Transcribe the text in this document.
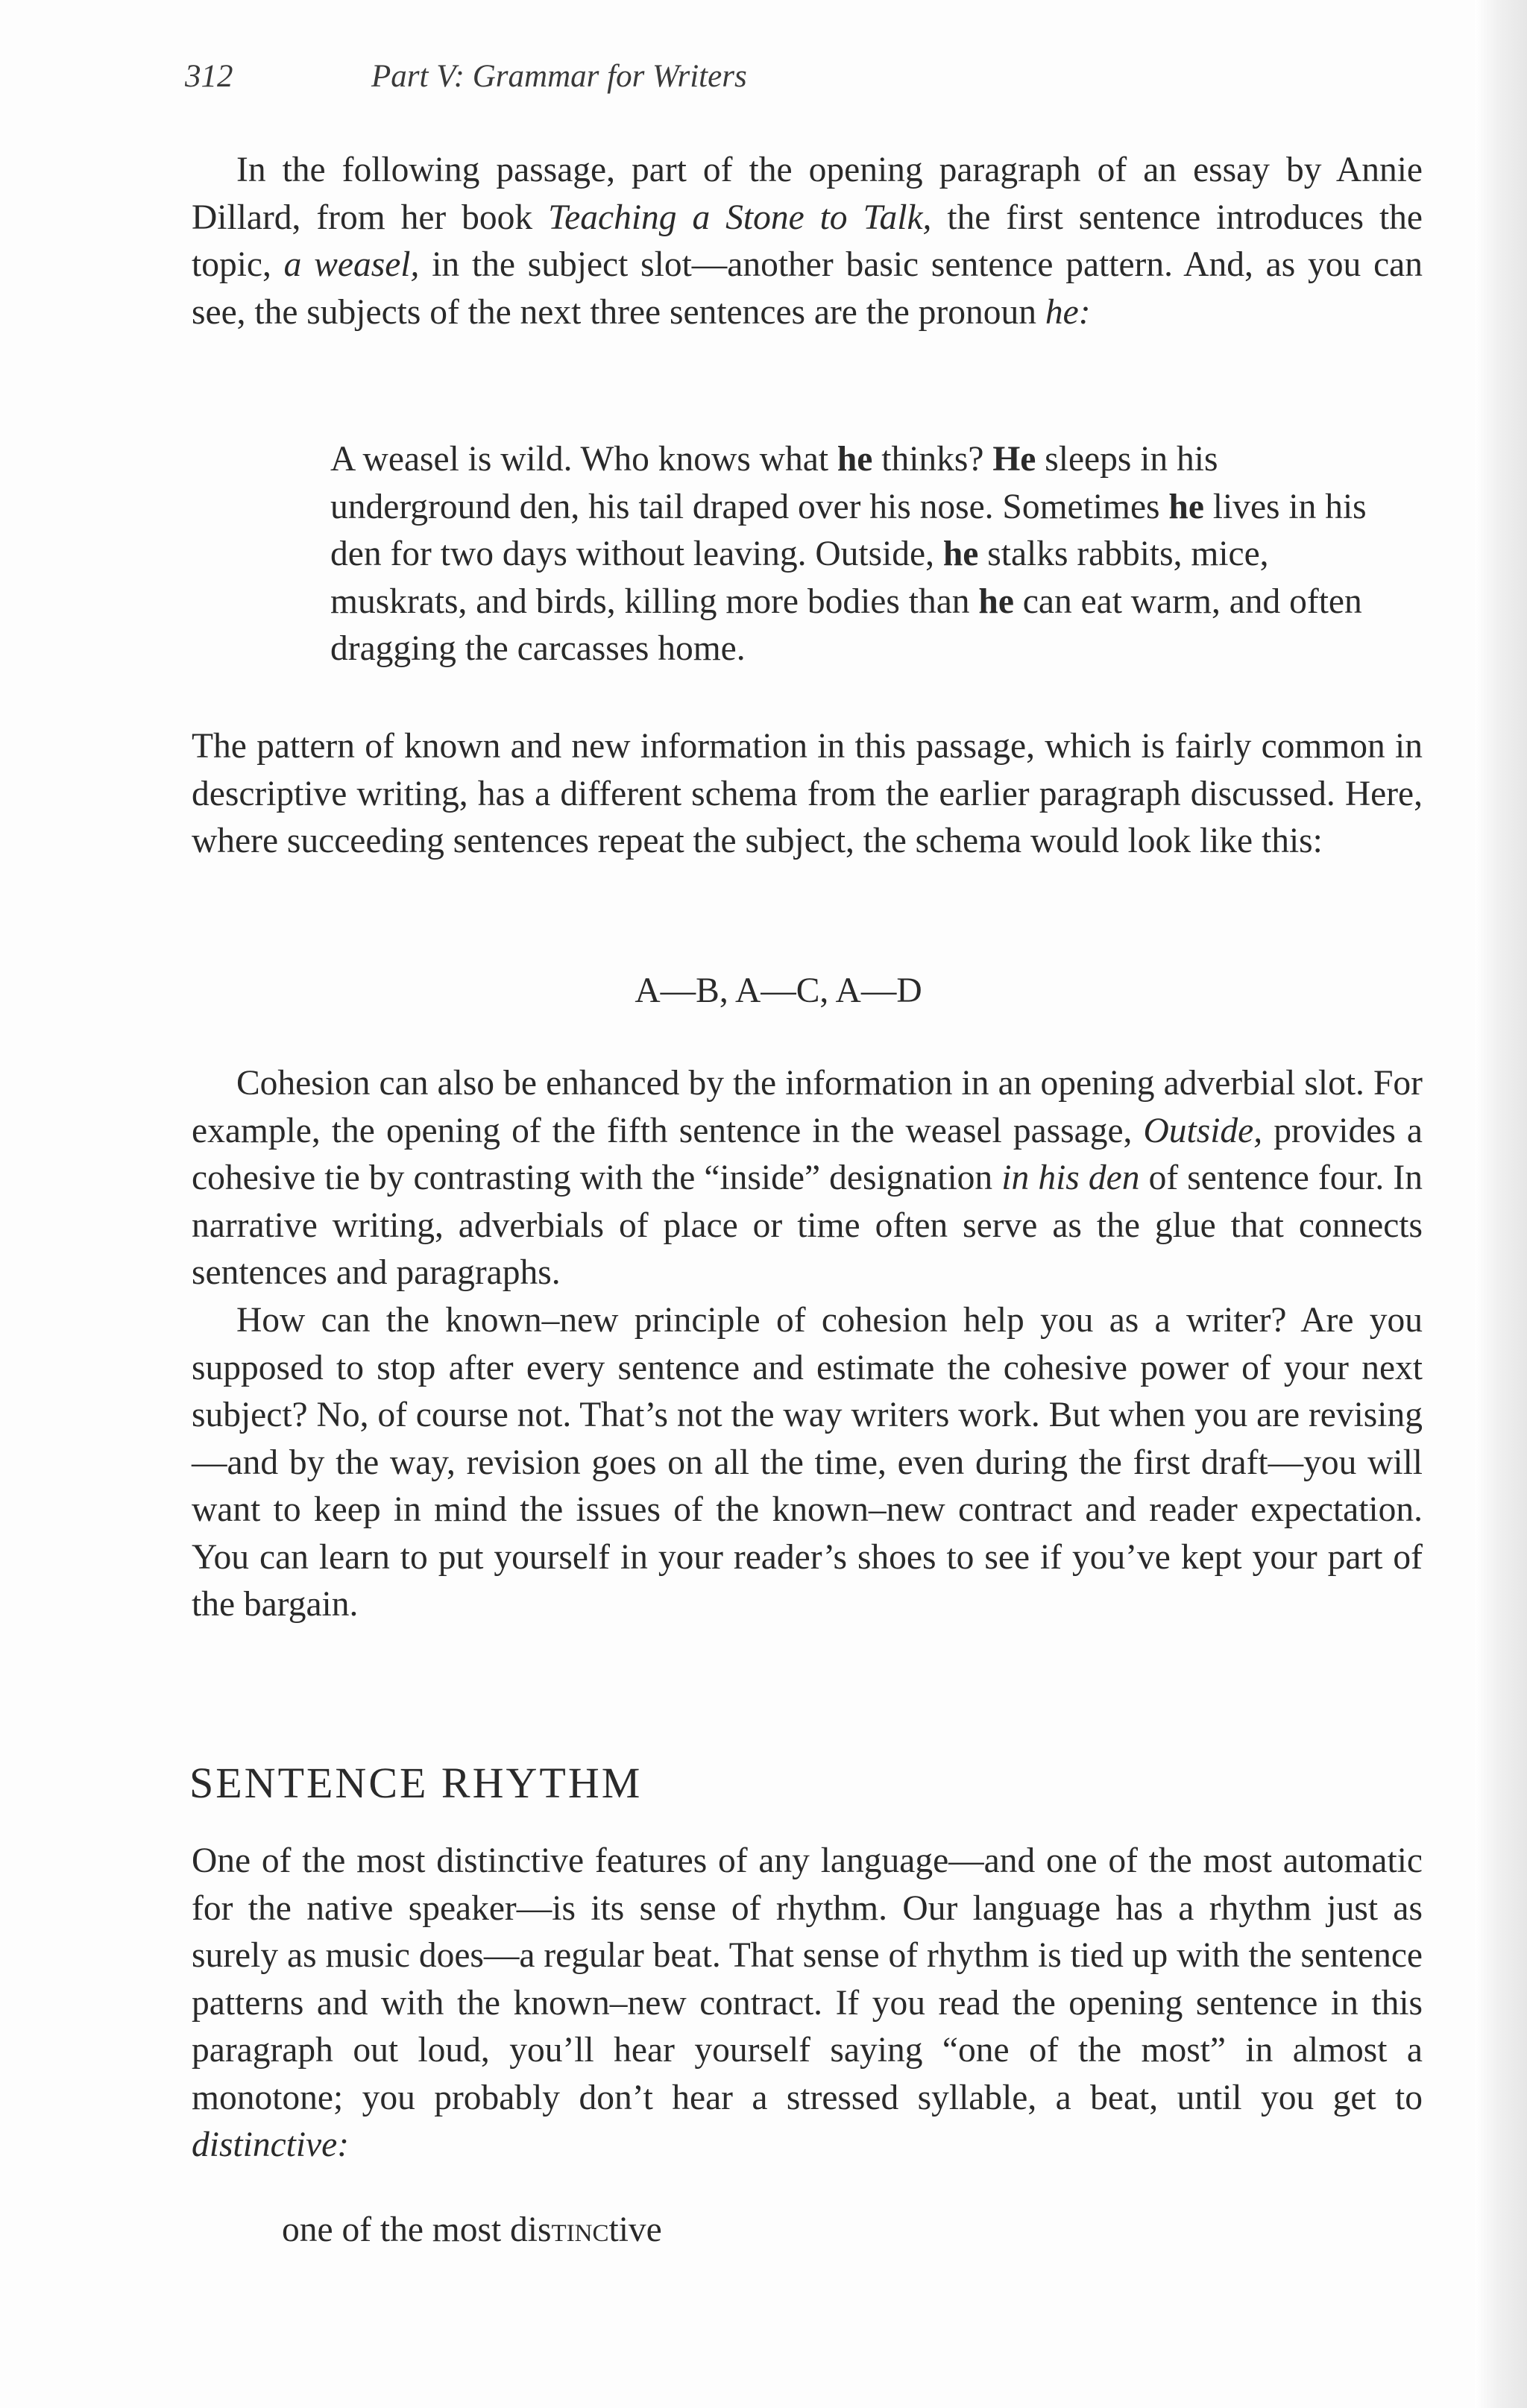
312	Part V: Grammar for Writers

In the following passage, part of the opening paragraph of an essay by Annie Dillard, from her book Teaching a Stone to Talk, the first sentence introduces the topic, a weasel, in the subject slot—another basic sentence pattern. And, as you can see, the subjects of the next three sentences are the pronoun he:

A weasel is wild. Who knows what he thinks? He sleeps in his underground den, his tail draped over his nose. Sometimes he lives in his den for two days without leaving. Outside, he stalks rabbits, mice, muskrats, and birds, killing more bodies than he can eat warm, and often dragging the carcasses home.

The pattern of known and new information in this passage, which is fairly common in descriptive writing, has a different schema from the earlier paragraph discussed. Here, where succeeding sentences repeat the subject, the schema would look like this:

A—B, A—C, A—D

Cohesion can also be enhanced by the information in an opening adverbial slot. For example, the opening of the fifth sentence in the weasel passage, Outside, provides a cohesive tie by contrasting with the “inside” designation in his den of sentence four. In narrative writing, adverbials of place or time often serve as the glue that connects sentences and paragraphs.

How can the known–new principle of cohesion help you as a writer? Are you supposed to stop after every sentence and estimate the cohesive power of your next subject? No, of course not. That’s not the way writers work. But when you are revising—and by the way, revision goes on all the time, even during the first draft—you will want to keep in mind the issues of the known–new contract and reader expectation. You can learn to put yourself in your reader’s shoes to see if you’ve kept your part of the bargain.

SENTENCE RHYTHM

One of the most distinctive features of any language—and one of the most automatic for the native speaker—is its sense of rhythm. Our language has a rhythm just as surely as music does—a regular beat. That sense of rhythm is tied up with the sentence patterns and with the known–new contract. If you read the opening sentence in this paragraph out loud, you’ll hear yourself saying “one of the most” in almost a monotone; you probably don’t hear a stressed syllable, a beat, until you get to distinctive:

one of the most distinctive
